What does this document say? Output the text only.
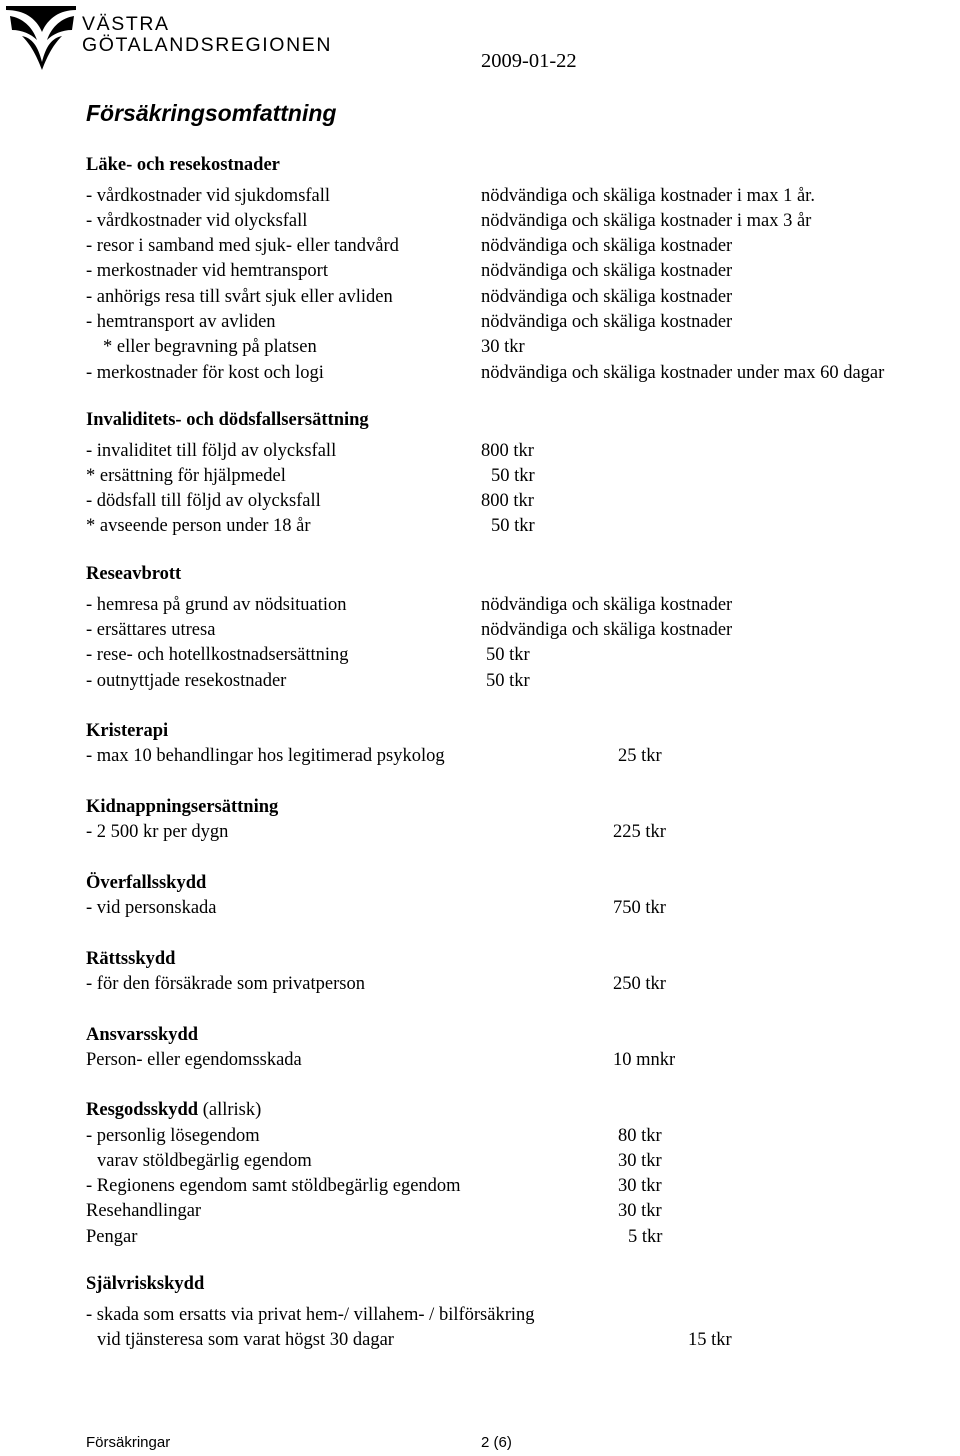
VÄSTRA
GÖTALANDSREGIONEN
2009-01-22
Försäkringsomfattning
Läke- och resekostnader
- vårdkostnader vid sjukdomsfall	nödvändiga och skäliga kostnader i max 1 år.
- vårdkostnader vid olycksfall	nödvändiga och skäliga kostnader i max 3 år
- resor i samband med sjuk- eller tandvård	nödvändiga och skäliga kostnader
- merkostnader vid hemtransport	nödvändiga och skäliga kostnader
- anhörigs resa till svårt sjuk eller avliden	nödvändiga och skäliga kostnader
- hemtransport av avliden	nödvändiga och skäliga kostnader
* eller begravning på platsen	30 tkr
- merkostnader för kost och logi	nödvändiga och skäliga kostnader under max 60 dagar
Invaliditets- och dödsfallsersättning
- invaliditet till följd av olycksfall	800 tkr
* ersättning för hjälpmedel	50 tkr
- dödsfall till följd av olycksfall	800 tkr
* avseende person under 18 år	50 tkr
Reseavbrott
- hemresa på grund av nödsituation	nödvändiga och skäliga kostnader
- ersättares utresa	nödvändiga och skäliga kostnader
- rese- och hotellkostnadsersättning	50 tkr
- outnyttjade resekostnader	50 tkr
Kristerapi
- max 10 behandlingar hos legitimerad psykolog	25 tkr
Kidnappningsersättning
- 2 500 kr per dygn	225 tkr
Överfallsskydd
- vid personskada	750 tkr
Rättsskydd
- för den försäkrade som privatperson	250 tkr
Ansvarsskydd
Person- eller egendomsskada	10 mnkr
Resgodsskydd (allrisk)
- personlig lösegendom	80 tkr
varav stöldbegärlig egendom	30 tkr
- Regionens egendom samt stöldbegärlig egendom	30 tkr
Resehandlingar	30 tkr
Pengar	5 tkr
Självriskskydd
- skada som ersatts via privat hem-/ villahem- / bilförsäkring
vid tjänsteresa som varat högst 30 dagar	15 tkr
Försäkringar	2 (6)
